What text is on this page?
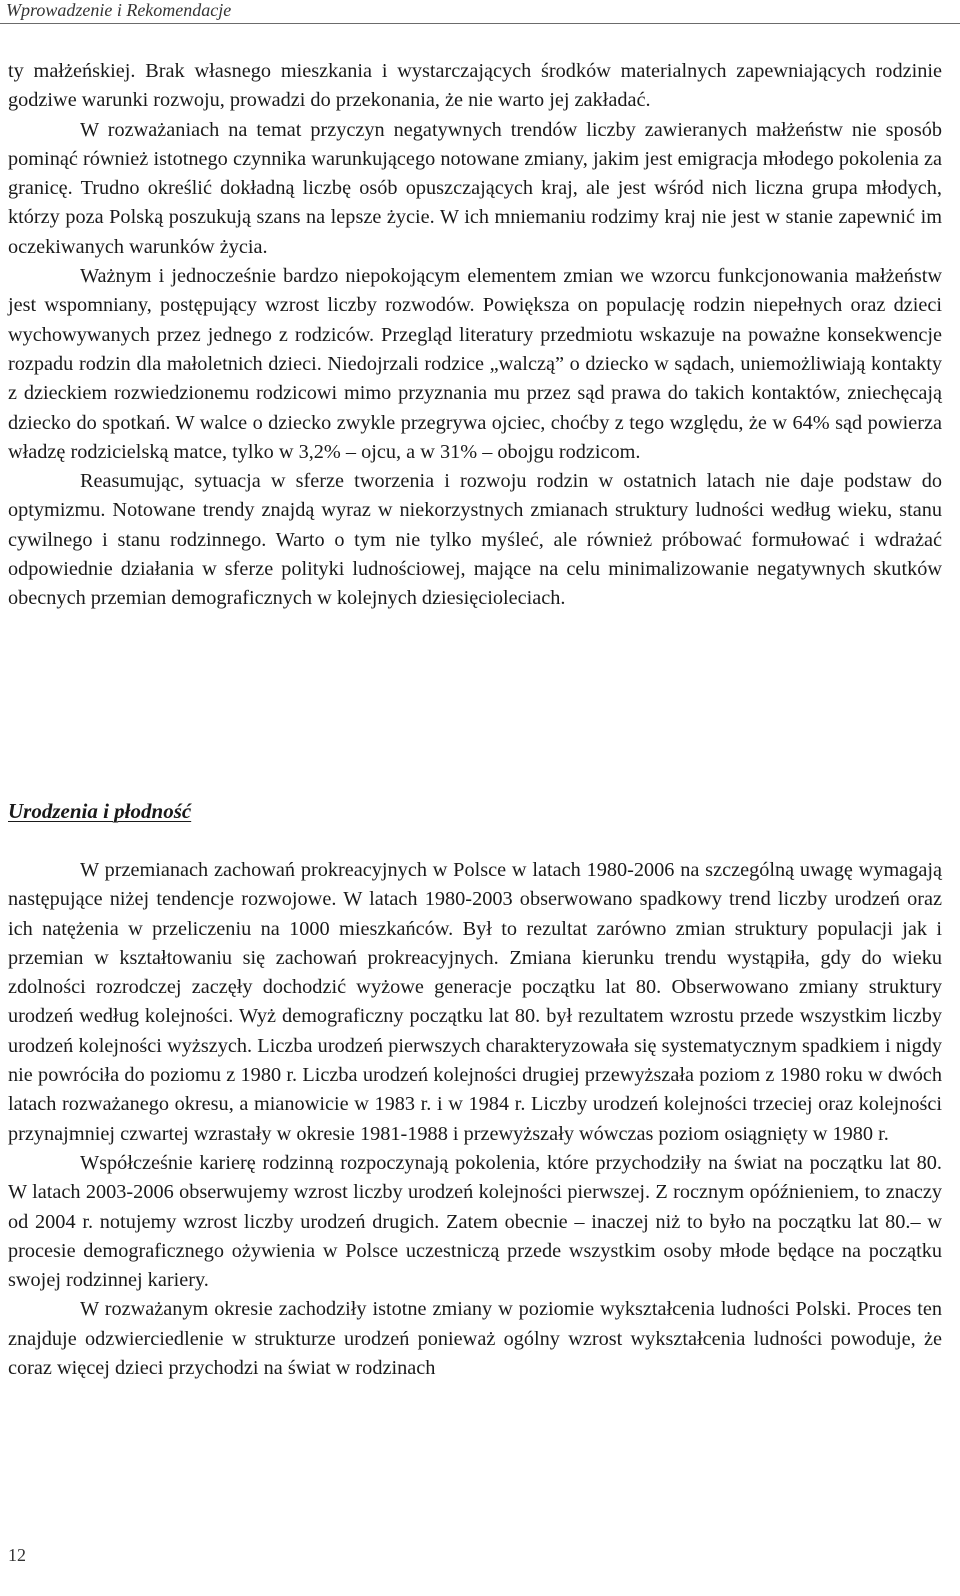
Wprowadzenie i Rekomendacje

ty małżeńskiej. Brak własnego mieszkania i wystarczających środków materialnych zapewniających rodzinie godziwe warunki rozwoju, prowadzi do przekonania, że nie warto jej zakładać.

W rozważaniach na temat przyczyn negatywnych trendów liczby zawieranych małżeństw nie sposób pominąć również istotnego czynnika warunkującego notowane zmiany, jakim jest emigracja młodego pokolenia za granicę. Trudno określić dokładną liczbę osób opuszczających kraj, ale jest wśród nich liczna grupa młodych, którzy poza Polską poszukują szans na lepsze życie. W ich mniemaniu rodzimy kraj nie jest w stanie zapewnić im oczekiwanych warunków życia.

Ważnym i jednocześnie bardzo niepokojącym elementem zmian we wzorcu funkcjonowania małżeństw jest wspomniany, postępujący wzrost liczby rozwodów. Powiększa on populację rodzin niepełnych oraz dzieci wychowywanych przez jednego z rodziców. Przegląd literatury przedmiotu wskazuje na poważne konsekwencje rozpadu rodzin dla małoletnich dzieci. Niedojrzali rodzice „walczą” o dziecko w sądach, uniemożliwiają kontakty z dzieckiem rozwiedzionemu rodzicowi mimo przyznania mu przez sąd prawa do takich kontaktów, zniechęcają dziecko do spotkań. W walce o dziecko zwykle przegrywa ojciec, choćby z tego względu, że w 64% sąd powierza władzę rodzicielską matce, tylko w 3,2% – ojcu, a w 31% – obojgu rodzicom.

Reasumując, sytuacja w sferze tworzenia i rozwoju rodzin w ostatnich latach nie daje podstaw do optymizmu. Notowane trendy znajdą wyraz w niekorzystnych zmianach struktury ludności według wieku, stanu cywilnego i stanu rodzinnego. Warto o tym nie tylko myśleć, ale również próbować formułować i wdrażać odpowiednie działania w sferze polityki ludnościowej, mające na celu minimalizowanie negatywnych skutków obecnych przemian demograficznych w kolejnych dziesięcioleciach.

Urodzenia i płodność

W przemianach zachowań prokreacyjnych w Polsce w latach 1980-2006 na szczególną uwagę wymagają następujące niżej tendencje rozwojowe. W latach 1980-2003 obserwowano spadkowy trend liczby urodzeń oraz ich natężenia w przeliczeniu na 1000 mieszkańców. Był to rezultat zarówno zmian struktury populacji jak i przemian w kształtowaniu się zachowań prokreacyjnych. Zmiana kierunku trendu wystąpiła, gdy do wieku zdolności rozrodczej zaczęły dochodzić wyżowe generacje początku lat 80. Obserwowano zmiany struktury urodzeń według kolejności. Wyż demograficzny początku lat 80. był rezultatem wzrostu przede wszystkim liczby urodzeń kolejności wyższych. Liczba urodzeń pierwszych charakteryzowała się systematycznym spadkiem i nigdy nie powróciła do poziomu z 1980 r. Liczba urodzeń kolejności drugiej przewyższała poziom z 1980 roku w dwóch latach rozważanego okresu, a mianowicie w 1983 r. i w 1984 r. Liczby urodzeń kolejności trzeciej oraz kolejności przynajmniej czwartej wzrastały w okresie 1981-1988 i przewyższały wówczas poziom osiągnięty w 1980 r.

Współcześnie karierę rodzinną rozpoczynają pokolenia, które przychodziły na świat na początku lat 80. W latach 2003-2006 obserwujemy wzrost liczby urodzeń kolejności pierwszej. Z rocznym opóźnieniem, to znaczy od 2004 r. notujemy wzrost liczby urodzeń drugich. Zatem obecnie – inaczej niż to było na początku lat 80.– w procesie demograficznego ożywienia w Polsce uczestniczą przede wszystkim osoby młode będące na początku swojej rodzinnej kariery.

W rozważanym okresie zachodziły istotne zmiany w poziomie wykształcenia ludności Polski. Proces ten znajduje odzwierciedlenie w strukturze urodzeń ponieważ ogólny wzrost wykształcenia ludności powoduje, że coraz więcej dzieci przychodzi na świat w rodzinach

12
